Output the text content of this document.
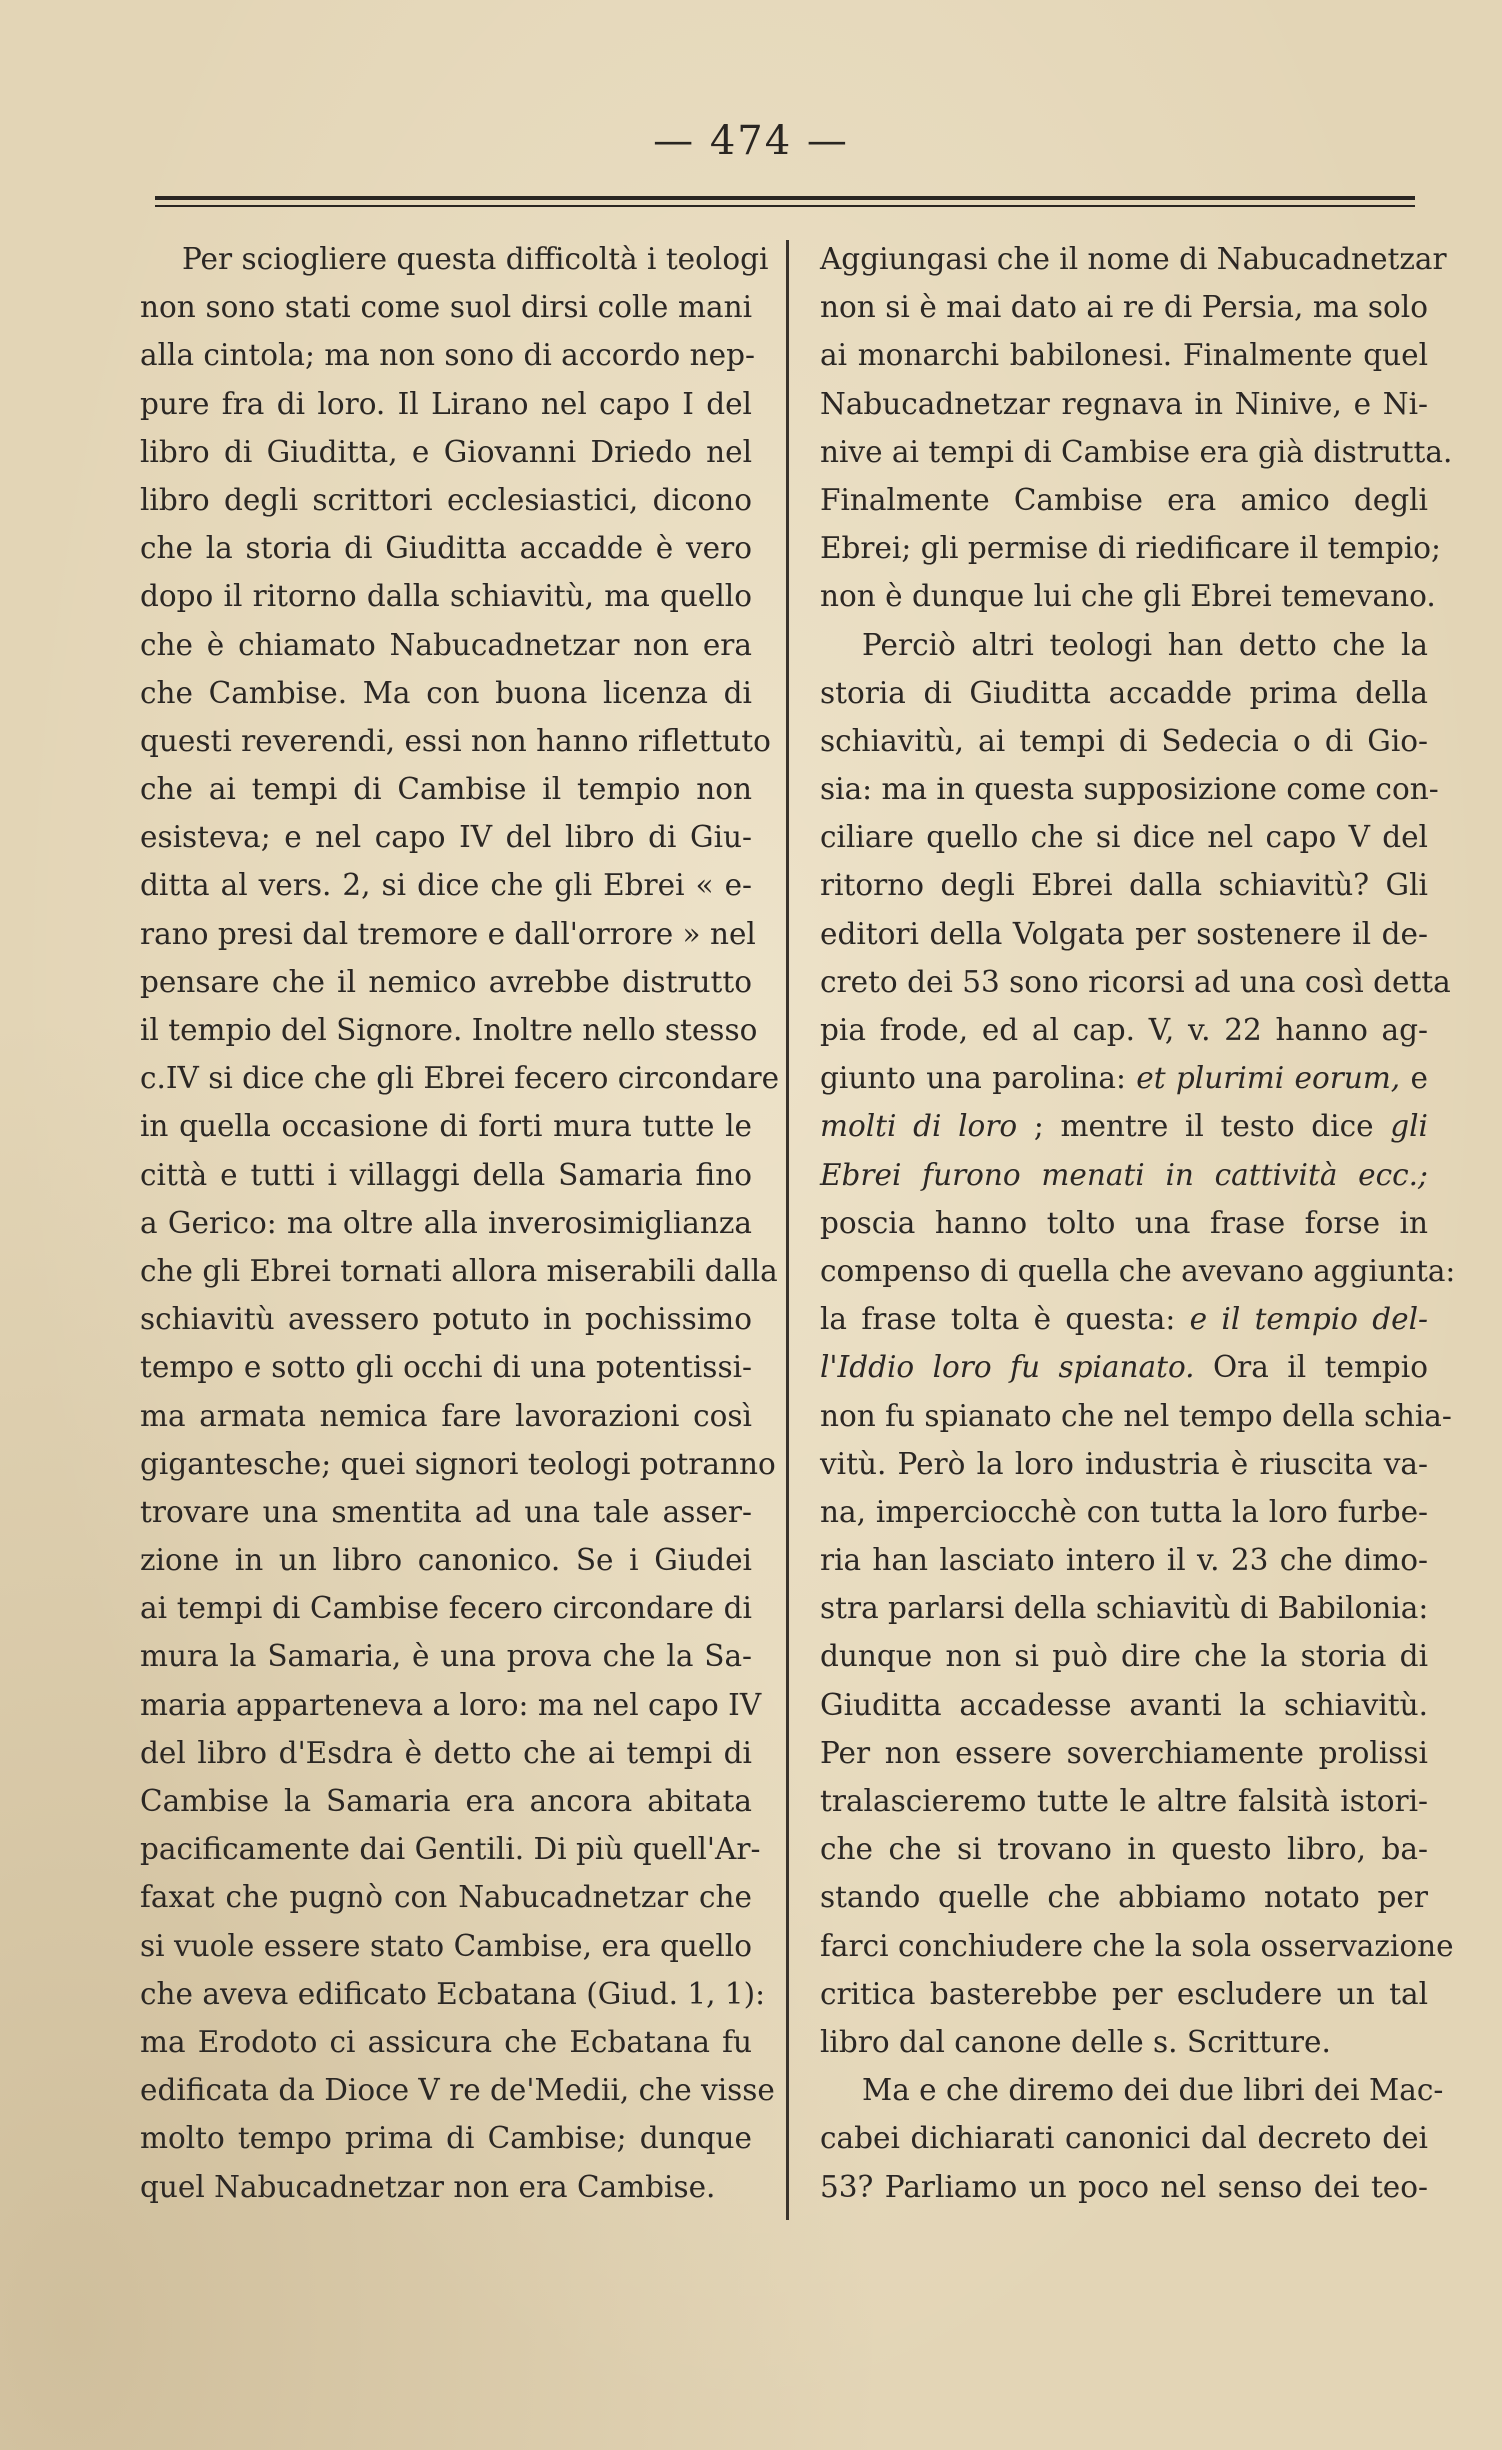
— 474 —
Per sciogliere questa difficoltà i teologi
non sono stati come suol dirsi colle mani
alla cintola; ma non sono di accordo nep-
pure fra di loro. Il Lirano nel capo I del
libro di Giuditta, e Giovanni Driedo nel
libro degli scrittori ecclesiastici, dicono
che la storia di Giuditta accadde è vero
dopo il ritorno dalla schiavitù, ma quello
che è chiamato Nabucadnetzar non era
che Cambise. Ma con buona licenza di
questi reverendi, essi non hanno riflettuto
che ai tempi di Cambise il tempio non
esisteva; e nel capo IV del libro di Giu-
ditta al vers. 2, si dice che gli Ebrei « e-
rano presi dal tremore e dall'orrore » nel
pensare che il nemico avrebbe distrutto
il tempio del Signore. Inoltre nello stesso
c.IV si dice che gli Ebrei fecero circondare
in quella occasione di forti mura tutte le
città e tutti i villaggi della Samaria fino
a Gerico: ma oltre alla inverosimiglianza
che gli Ebrei tornati allora miserabili dalla
schiavitù avessero potuto in pochissimo
tempo e sotto gli occhi di una potentissi-
ma armata nemica fare lavorazioni così
gigantesche; quei signori teologi potranno
trovare una smentita ad una tale asser-
zione in un libro canonico. Se i Giudei
ai tempi di Cambise fecero circondare di
mura la Samaria, è una prova che la Sa-
maria apparteneva a loro: ma nel capo IV
del libro d'Esdra è detto che ai tempi di
Cambise la Samaria era ancora abitata
pacificamente dai Gentili. Di più quell'Ar-
faxat che pugnò con Nabucadnetzar che
si vuole essere stato Cambise, era quello
che aveva edificato Ecbatana (Giud. 1, 1):
ma Erodoto ci assicura che Ecbatana fu
edificata da Dioce V re de'Medii, che visse
molto tempo prima di Cambise; dunque
quel Nabucadnetzar non era Cambise.
Aggiungasi che il nome di Nabucadnetzar
non si è mai dato ai re di Persia, ma solo
ai monarchi babilonesi. Finalmente quel
Nabucadnetzar regnava in Ninive, e Ni-
nive ai tempi di Cambise era già distrutta.
Finalmente Cambise era amico degli
Ebrei; gli permise di riedificare il tempio;
non è dunque lui che gli Ebrei temevano.
Perciò altri teologi han detto che la
storia di Giuditta accadde prima della
schiavitù, ai tempi di Sedecia o di Gio-
sia: ma in questa supposizione come con-
ciliare quello che si dice nel capo V del
ritorno degli Ebrei dalla schiavitù? Gli
editori della Volgata per sostenere il de-
creto dei 53 sono ricorsi ad una così detta
pia frode, ed al cap. V, v. 22 hanno ag-
giunto una parolina: et plurimi eorum, e
molti di loro ; mentre il testo dice gli
Ebrei furono menati in cattività ecc.;
poscia hanno tolto una frase forse in
compenso di quella che avevano aggiunta:
la frase tolta è questa: e il tempio del-
l'Iddio loro fu spianato. Ora il tempio
non fu spianato che nel tempo della schia-
vitù. Però la loro industria è riuscita va-
na, imperciocchè con tutta la loro furbe-
ria han lasciato intero il v. 23 che dimo-
stra parlarsi della schiavitù di Babilonia:
dunque non si può dire che la storia di
Giuditta accadesse avanti la schiavitù.
Per non essere soverchiamente prolissi
tralascieremo tutte le altre falsità istori-
che che si trovano in questo libro, ba-
stando quelle che abbiamo notato per
farci conchiudere che la sola osservazione
critica basterebbe per escludere un tal
libro dal canone delle s. Scritture.
Ma e che diremo dei due libri dei Mac-
cabei dichiarati canonici dal decreto dei
53? Parliamo un poco nel senso dei teo-
